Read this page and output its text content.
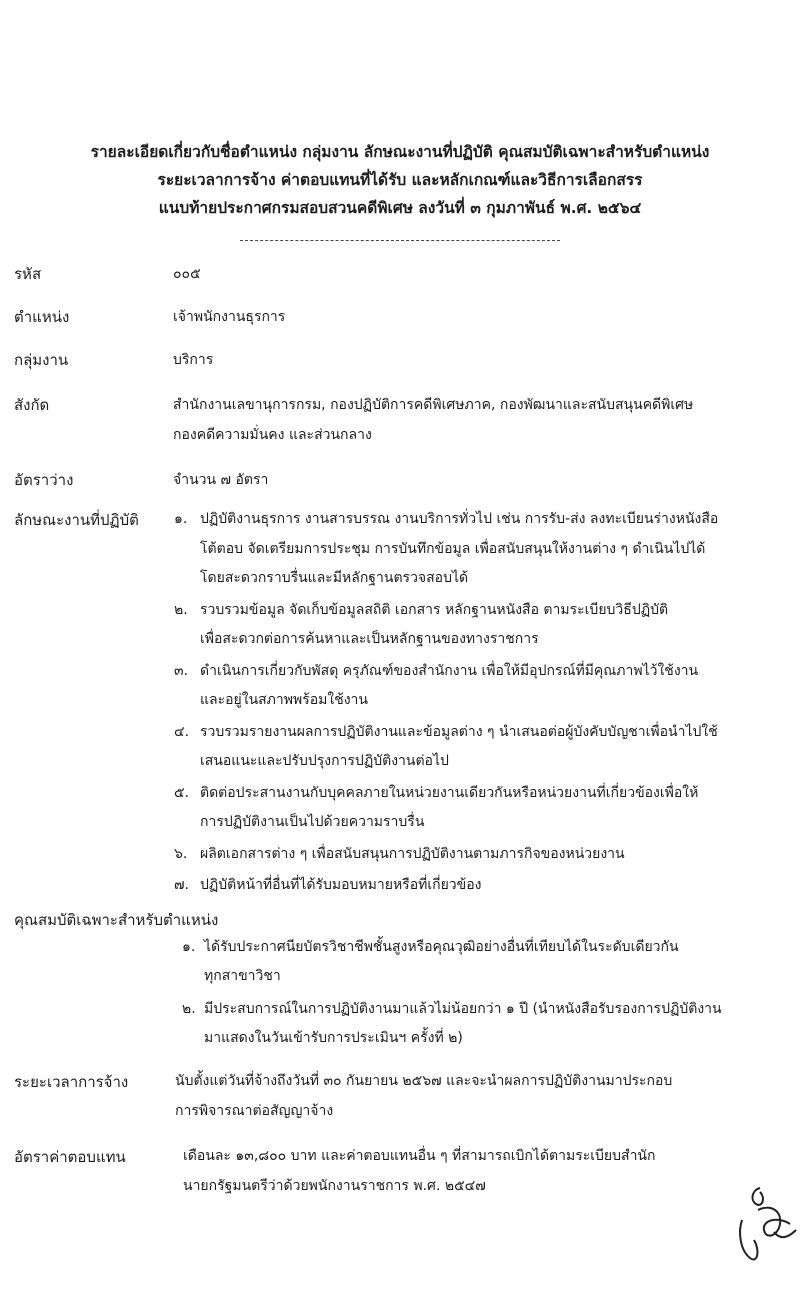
รายละเอียดเกี่ยวกับชื่อตำแหน่ง กลุ่มงาน ลักษณะงานที่ปฏิบัติ คุณสมบัติเฉพาะสำหรับตำแหน่ง
ระยะเวลาการจ้าง ค่าตอบแทนที่ได้รับ และหลักเกณฑ์และวิธีการเลือกสรร
แนบท้ายประกาศกรมสอบสวนคดีพิเศษ ลงวันที่ ๓ กุมภาพันธ์ พ.ศ. ๒๕๖๔
รหัส	๐๐๕
ตำแหน่ง	เจ้าพนักงานธุรการ
กลุ่มงาน	บริการ
สังกัด	สำนักงานเลขานุการกรม, กองปฏิบัติการคดีพิเศษภาค, กองพัฒนาและสนับสนุนคดีพิเศษ
กองคดีความมั่นคง และส่วนกลาง
อัตราว่าง	จำนวน ๗ อัตรา
ลักษณะงานที่ปฏิบัติ	๑. ปฏิบัติงานธุรการ งานสารบรรณ งานบริการทั่วไป เช่น การรับ-ส่ง ลงทะเบียนร่างหนังสือ
โต้ตอบ จัดเตรียมการประชุม การบันทึกข้อมูล เพื่อสนับสนุนให้งานต่าง ๆ ดำเนินไปได้
โดยสะดวกราบรื่นและมีหลักฐานตรวจสอบได้
๒. รวบรวมข้อมูล จัดเก็บข้อมูลสถิติ เอกสาร หลักฐานหนังสือ ตามระเบียบวิธีปฏิบัติ
เพื่อสะดวกต่อการค้นหาและเป็นหลักฐานของทางราชการ
๓. ดำเนินการเกี่ยวกับพัสดุ ครุภัณฑ์ของสำนักงาน เพื่อให้มีอุปกรณ์ที่มีคุณภาพไว้ใช้งาน
และอยู่ในสภาพพร้อมใช้งาน
๔. รวบรวมรายงานผลการปฏิบัติงานและข้อมูลต่าง ๆ นำเสนอต่อผู้บังคับบัญชาเพื่อนำไปใช้
เสนอแนะและปรับปรุงการปฏิบัติงานต่อไป
๕. ติดต่อประสานงานกับบุคคลภายในหน่วยงานเดียวกันหรือหน่วยงานที่เกี่ยวข้องเพื่อให้
การปฏิบัติงานเป็นไปด้วยความราบรื่น
๖. ผลิตเอกสารต่าง ๆ เพื่อสนับสนุนการปฏิบัติงานตามภารกิจของหน่วยงาน
๗. ปฏิบัติหน้าที่อื่นที่ได้รับมอบหมายหรือที่เกี่ยวข้อง
คุณสมบัติเฉพาะสำหรับตำแหน่ง
๑. ได้รับประกาศนียบัตรวิชาชีพชั้นสูงหรือคุณวุฒิอย่างอื่นที่เทียบได้ในระดับเดียวกัน
ทุกสาขาวิชา
๒. มีประสบการณ์ในการปฏิบัติงานมาแล้วไม่น้อยกว่า ๑ ปี (นำหนังสือรับรองการปฏิบัติงาน
มาแสดงในวันเข้ารับการประเมินฯ ครั้งที่ ๒)
ระยะเวลาการจ้าง	นับตั้งแต่วันที่จ้างถึงวันที่ ๓๐ กันยายน ๒๕๖๗ และจะนำผลการปฏิบัติงานมาประกอบ
การพิจารณาต่อสัญญาจ้าง
อัตราค่าตอบแทน	เดือนละ ๑๓,๘๐๐ บาท และค่าตอบแทนอื่น ๆ ที่สามารถเบิกได้ตามระเบียบสำนัก
นายกรัฐมนตรีว่าด้วยพนักงานราชการ พ.ศ. ๒๕๔๗
